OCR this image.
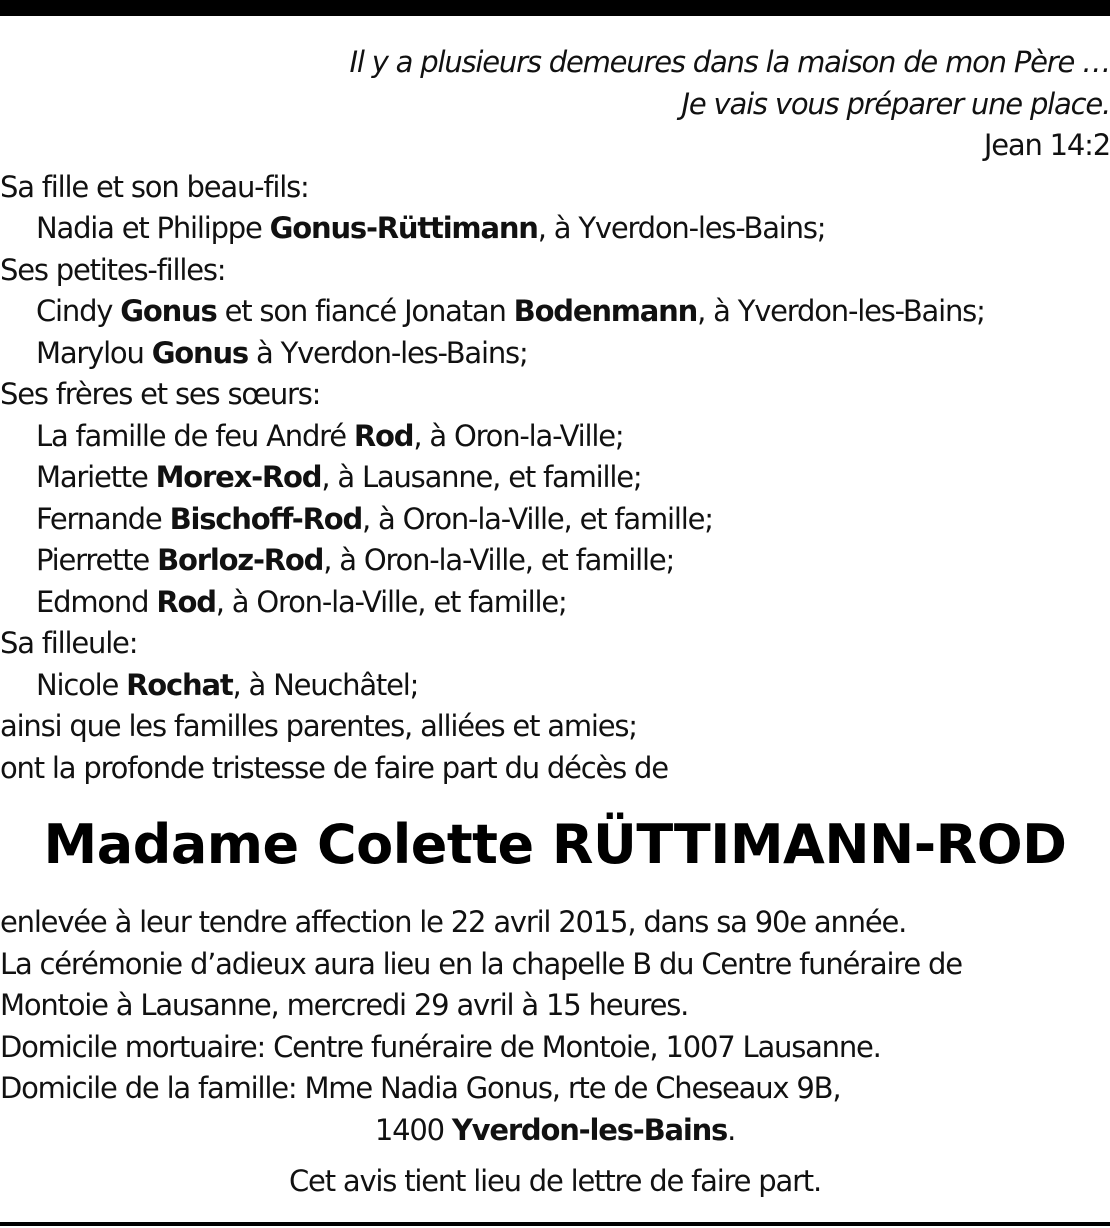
Il y a plusieurs demeures dans la maison de mon Père …
Je vais vous préparer une place.
Jean 14:2
Sa fille et son beau-fils:
Nadia et Philippe Gonus-Rüttimann, à Yverdon-les-Bains;
Ses petites-filles:
Cindy Gonus et son fiancé Jonatan Bodenmann, à Yverdon-les-Bains;
Marylou Gonus à Yverdon-les-Bains;
Ses frères et ses sœurs:
La famille de feu André Rod, à Oron-la-Ville;
Mariette Morex-Rod, à Lausanne, et famille;
Fernande Bischoff-Rod, à Oron-la-Ville, et famille;
Pierrette Borloz-Rod, à Oron-la-Ville, et famille;
Edmond Rod, à Oron-la-Ville, et famille;
Sa filleule:
Nicole Rochat, à Neuchâtel;
ainsi que les familles parentes, alliées et amies;
ont la profonde tristesse de faire part du décès de
Madame Colette RÜTTIMANN-ROD
enlevée à leur tendre affection le 22 avril 2015, dans sa 90e année.
La cérémonie d’adieux aura lieu en la chapelle B du Centre funéraire de
Montoie à Lausanne, mercredi 29 avril à 15 heures.
Domicile mortuaire: Centre funéraire de Montoie, 1007 Lausanne.
Domicile de la famille: Mme Nadia Gonus, rte de Cheseaux 9B,
1400 Yverdon-les-Bains.
Cet avis tient lieu de lettre de faire part.
